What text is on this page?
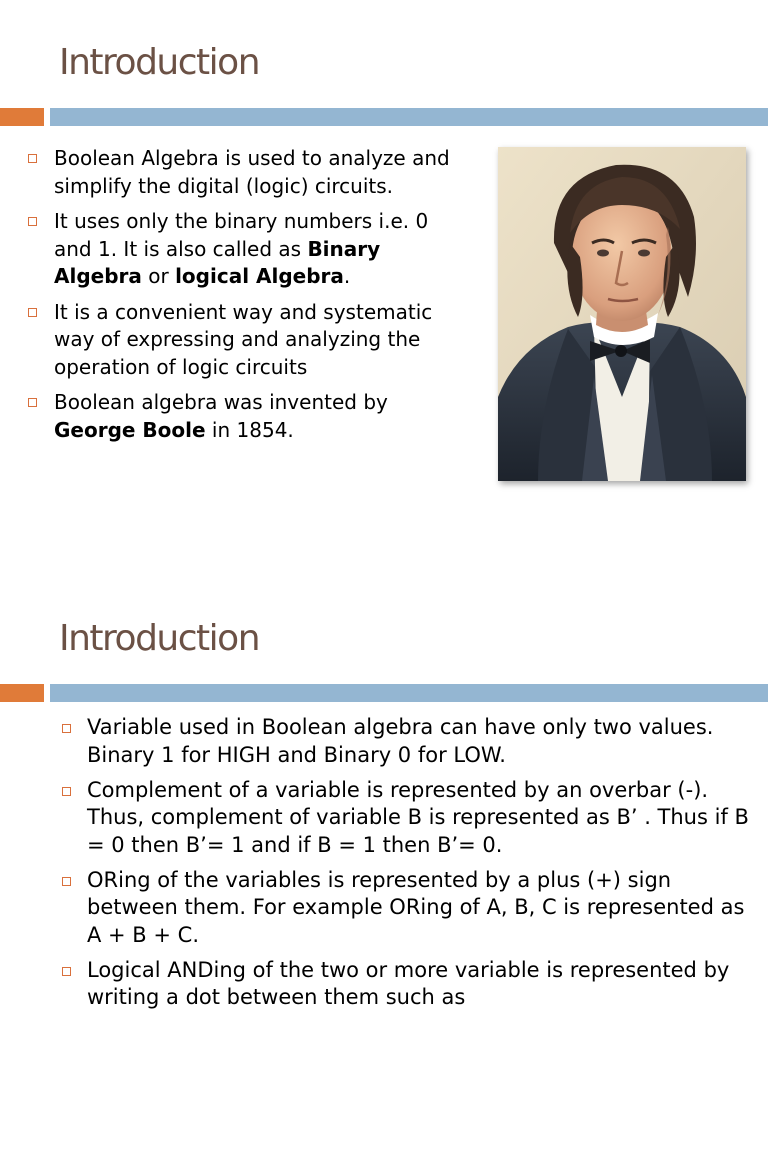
Introduction
Boolean Algebra is used to analyze and simplify the digital (logic) circuits.
It uses only the binary numbers i.e. 0 and 1. It is also called as Binary Algebra or logical Algebra.
It is a convenient way and systematic way of expressing and analyzing the operation of logic circuits
Boolean algebra was invented by George Boole in 1854.
Introduction
Variable used in Boolean algebra can have only two values. Binary 1 for HIGH and Binary 0 for LOW.
Complement of a variable is represented by an overbar (-). Thus, complement of variable B is represented as B’ . Thus if B = 0 then B’= 1 and if B = 1 then B’= 0.
ORing of the variables is represented by a plus (+) sign between them. For example ORing of A, B, C is represented as A + B + C.
Logical ANDing of the two or more variable is represented by writing a dot between them such as
